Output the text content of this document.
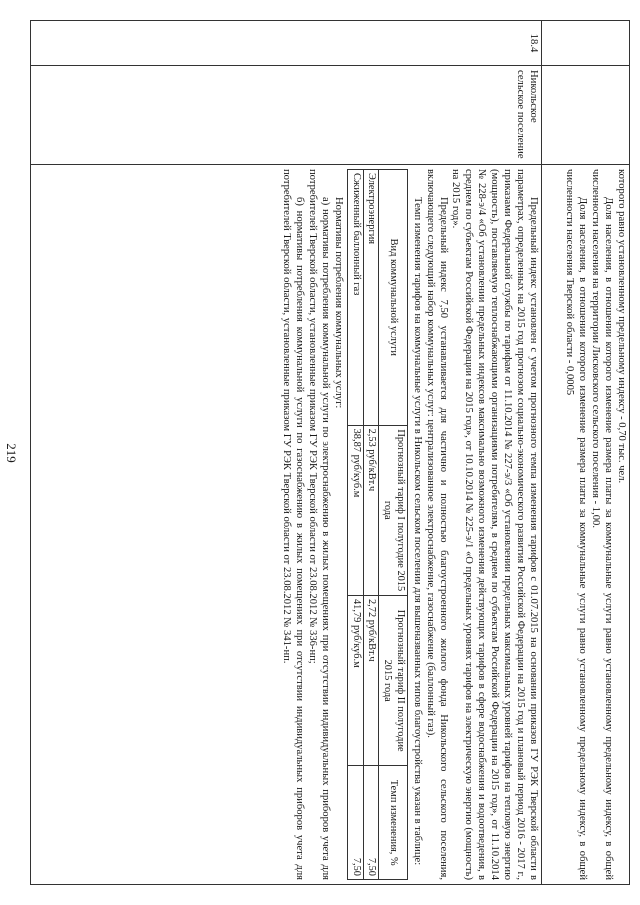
219
			которого равно установленному предельному индексу - 0,70 тыс. чел.

Доля населения, в отношении которого изменение размера платы за коммунальные услуги равно установленному предельному индексу, в общей численности населения на территории Лисковского сельского поселения - 1,00.

Доля населения, в отношении которого изменение размера платы за коммунальные услуги равно установленному предельному индексу, в общей численности населения Тверской области - 0,0005

18.4	Никольское сельское поселение	

Предельный индекс установлен с учетом прогнозного темпа изменения тарифов с 01.07.2015 на основании приказов ГУ РЭК Тверской области в параметрах, определенных на 2015 год прогнозом социально-экономического развития Российской Федерации на 2015 год и плановый период 2016 - 2017 г., приказами Федеральной службы по тарифам от 11.10.2014 № 227-э/3 «Об установлении предельных максимальных уровней тарифов на тепловую энергию (мощность), поставляемую теплоснабжающими организациями потребителям, в среднем по субъектам Российской Федерации на 2015 год», от 11.10.2014 № 228-э/4 «Об установлении предельных индексов максимально возможного изменения действующих тарифов в сфере водоснабжения и водоотведения, в среднем по субъектам Российской Федерации на 2015 год», от 10.10.2014 № 225-э/1 «О предельных уровнях тарифов на электрическую энергию (мощность) на 2015 год».

Предельный индекс 7,50 устанавливается для частично и полностью благоустроенного жилого фонда Никольского сельского поселения, включающего следующий набор коммунальных услуг: централизованное электроснабжение, газоснабжение (баллонный газ).

Темп изменения тарифов на коммунальные услуги в Никольском сельском поселении для вышеназванных типов благоустройства указан в таблице:

Вид коммунальной услуги	Прогнозный тариф I полугодие 2015 года	Прогнозный тариф II полугодие 2015 года	Темп изменения, %
Электроэнергия	2,53 руб/кВт.ч	2,72 руб/кВт.ч	7,50
Сжиженный баллонный газ	38,87 руб/куб.м	41,79 руб/куб.м	7,50

Нормативы потребления коммунальных услуг:

а) нормативы потребления коммунальной услуги по электроснабжению в жилых помещениях при отсутствии индивидуальных приборов учета для потребителей Тверской области, установленные приказом ГУ РЭК Тверской области от 23.08.2012 № 336-нп;

б) нормативы потребления коммунальной услуги по газоснабжению в жилых помещениях при отсутствии индивидуальных приборов учета для потребителей Тверской области, установленные приказом ГУ РЭК Тверской области от 23.08.2012 № 341-нп.
